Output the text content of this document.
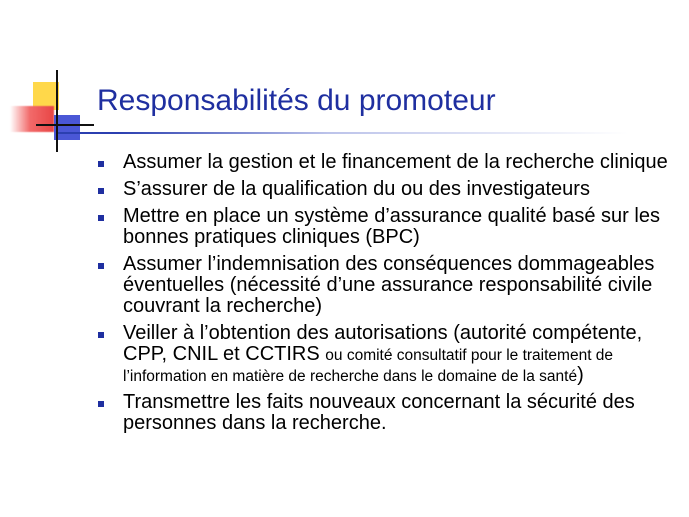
Responsabilités du promoteur
Assumer la gestion et le financement de la recherche clinique
S’assurer de la qualification du ou des investigateurs
Mettre en place un système d’assurance qualité basé sur les bonnes pratiques cliniques (BPC)
Assumer l’indemnisation des conséquences dommageables éventuelles (nécessité d’une assurance responsabilité civile couvrant la recherche)
Veiller à l’obtention des autorisations (autorité compétente, CPP, CNIL et CCTIRS ou comité consultatif pour le traitement de l’information en matière de recherche dans le domaine de la santé)
Transmettre les faits nouveaux concernant la sécurité des personnes dans la recherche.
